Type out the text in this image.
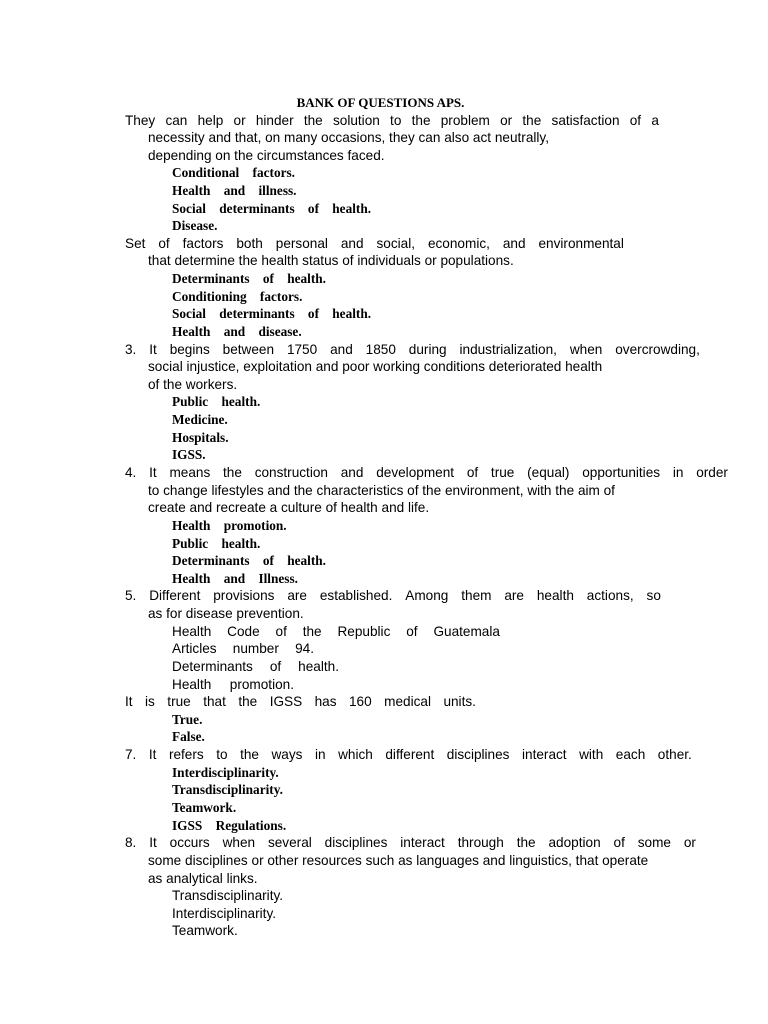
BANK OF QUESTIONS APS.
They can help or hinder the solution to the problem or the satisfaction of a
necessity and that, on many occasions, they can also act neutrally,
depending on the circumstances faced.
Conditional    factors.
Health    and    illness.
Social    determinants    of    health.
Disease.
Set of factors both personal and social, economic, and environmental
that determine the health status of individuals or populations.
Determinants    of    health.
Conditioning    factors.
Social    determinants    of    health.
Health    and    disease.
3. It begins between 1750 and 1850 during industrialization, when overcrowding,
social injustice, exploitation and poor working conditions deteriorated health
of the workers.
Public    health.
Medicine.
Hospitals.
IGSS.
4. It means the construction and development of true (equal) opportunities in order
to change lifestyles and the characteristics of the environment, with the aim of
create and recreate a culture of health and life.
Health    promotion.
Public    health.
Determinants    of    health.
Health    and    Illness.
5. Different provisions are established. Among them are health actions, so
as for disease prevention.
Health Code of the Republic of Guatemala
Articles number 94.
Determinants of health.
Health promotion.
It is true that the IGSS has 160 medical units.
True.
False.
7. It refers to the ways in which different disciplines interact with each other.
Interdisciplinarity.
Transdisciplinarity.
Teamwork.
IGSS    Regulations.
8. It occurs when several disciplines interact through the adoption of some or
some disciplines or other resources such as languages and linguistics, that operate
as analytical links.
Transdisciplinarity.
Interdisciplinarity.
Teamwork.
